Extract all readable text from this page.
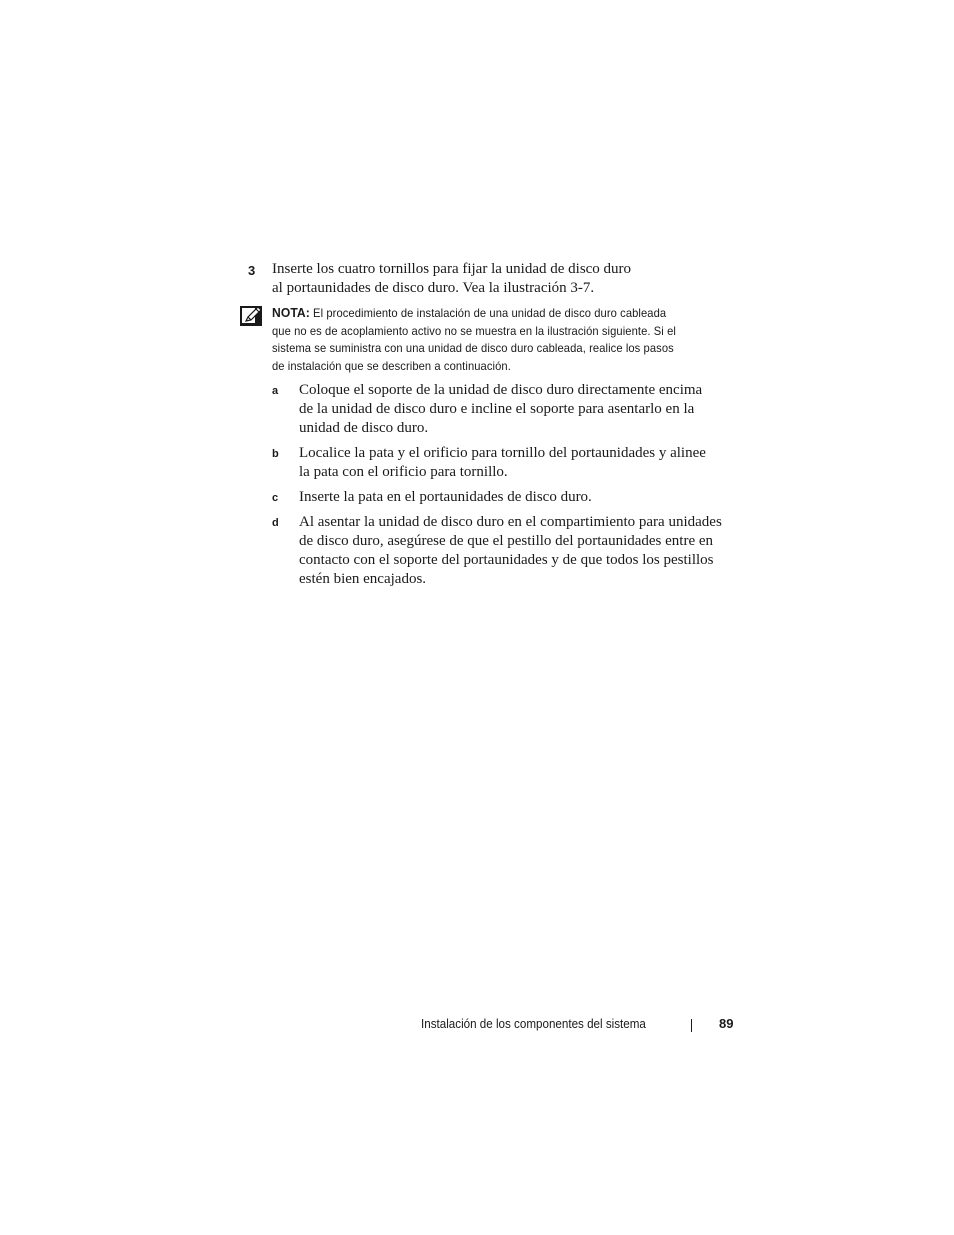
3 Inserte los cuatro tornillos para fijar la unidad de disco duro
al portaunidades de disco duro. Vea la ilustración 3-7.
NOTA: El procedimiento de instalación de una unidad de disco duro cableada
que no es de acoplamiento activo no se muestra en la ilustración siguiente. Si el
sistema se suministra con una unidad de disco duro cableada, realice los pasos
de instalación que se describen a continuación.
a Coloque el soporte de la unidad de disco duro directamente encima
de la unidad de disco duro e incline el soporte para asentarlo en la
unidad de disco duro.
b Localice la pata y el orificio para tornillo del portaunidades y alinee
la pata con el orificio para tornillo.
c Inserte la pata en el portaunidades de disco duro.
d Al asentar la unidad de disco duro en el compartimiento para unidades
de disco duro, asegúrese de que el pestillo del portaunidades entre en
contacto con el soporte del portaunidades y de que todos los pestillos
estén bien encajados.
Instalación de los componentes del sistema	89
